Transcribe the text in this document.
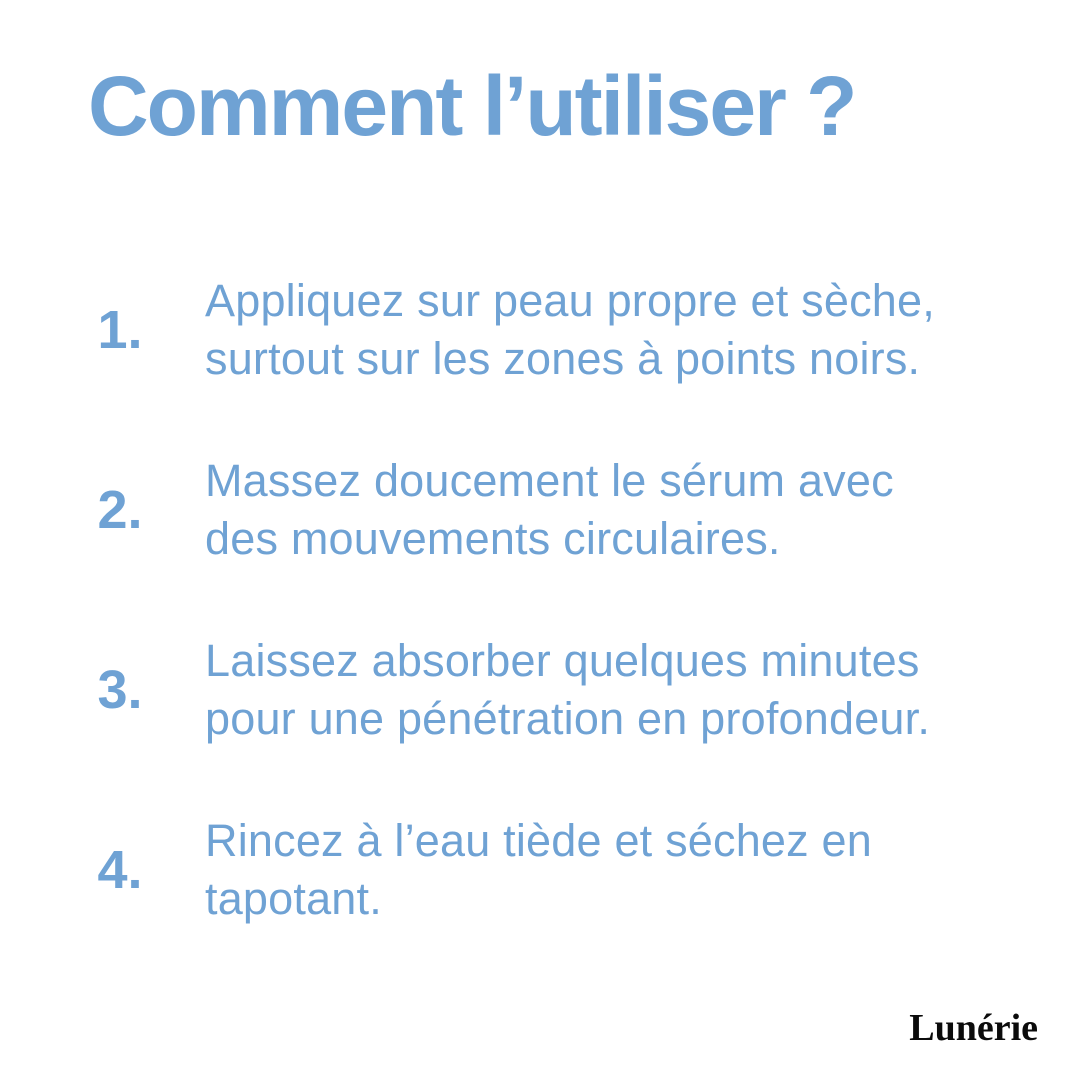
Comment l’utiliser ?
1. Appliquez sur peau propre et sèche,
surtout sur les zones à points noirs.
2. Massez doucement le sérum avec
des mouvements circulaires.
3. Laissez absorber quelques minutes
pour une pénétration en profondeur.
4. Rincez à l’eau tiède et séchez en
tapotant.
Lunérie
